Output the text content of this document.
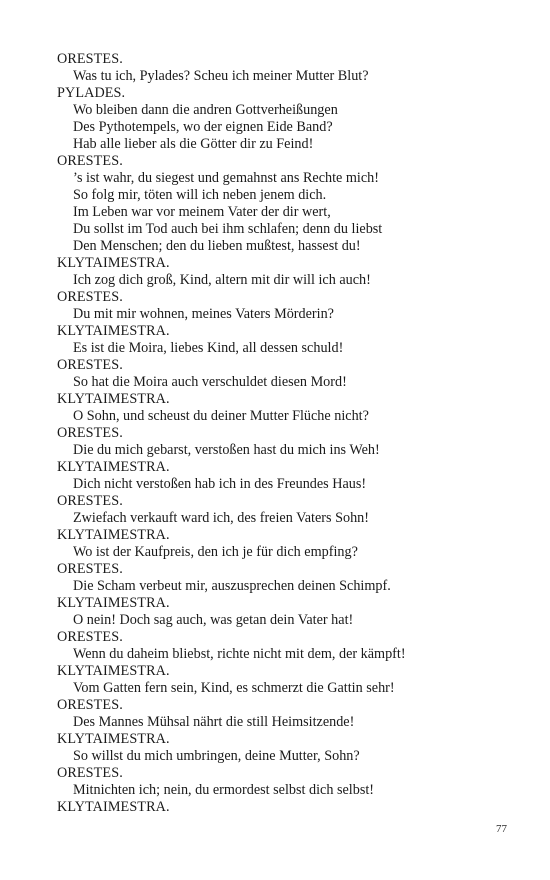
ORESTES.
Was tu ich, Pylades? Scheu ich meiner Mutter Blut?
PYLADES.
Wo bleiben dann die andren Gottverheißungen
Des Pythotempels, wo der eignen Eide Band?
Hab alle lieber als die Götter dir zu Feind!
ORESTES.
’s ist wahr, du siegest und gemahnst ans Rechte mich!
So folg mir, töten will ich neben jenem dich.
Im Leben war vor meinem Vater der dir wert,
Du sollst im Tod auch bei ihm schlafen; denn du liebst
Den Menschen; den du lieben mußtest, hassest du!
KLYTAIMESTRA.
Ich zog dich groß, Kind, altern mit dir will ich auch!
ORESTES.
Du mit mir wohnen, meines Vaters Mörderin?
KLYTAIMESTRA.
Es ist die Moira, liebes Kind, all dessen schuld!
ORESTES.
So hat die Moira auch verschuldet diesen Mord!
KLYTAIMESTRA.
O Sohn, und scheust du deiner Mutter Flüche nicht?
ORESTES.
Die du mich gebarst, verstoßen hast du mich ins Weh!
KLYTAIMESTRA.
Dich nicht verstoßen hab ich in des Freundes Haus!
ORESTES.
Zwiefach verkauft ward ich, des freien Vaters Sohn!
KLYTAIMESTRA.
Wo ist der Kaufpreis, den ich je für dich empfing?
ORESTES.
Die Scham verbeut mir, auszusprechen deinen Schimpf.
KLYTAIMESTRA.
O nein! Doch sag auch, was getan dein Vater hat!
ORESTES.
Wenn du daheim bliebst, richte nicht mit dem, der kämpft!
KLYTAIMESTRA.
Vom Gatten fern sein, Kind, es schmerzt die Gattin sehr!
ORESTES.
Des Mannes Mühsal nährt die still Heimsitzende!
KLYTAIMESTRA.
So willst du mich umbringen, deine Mutter, Sohn?
ORESTES.
Mitnichten ich; nein, du ermordest selbst dich selbst!
KLYTAIMESTRA.
77
